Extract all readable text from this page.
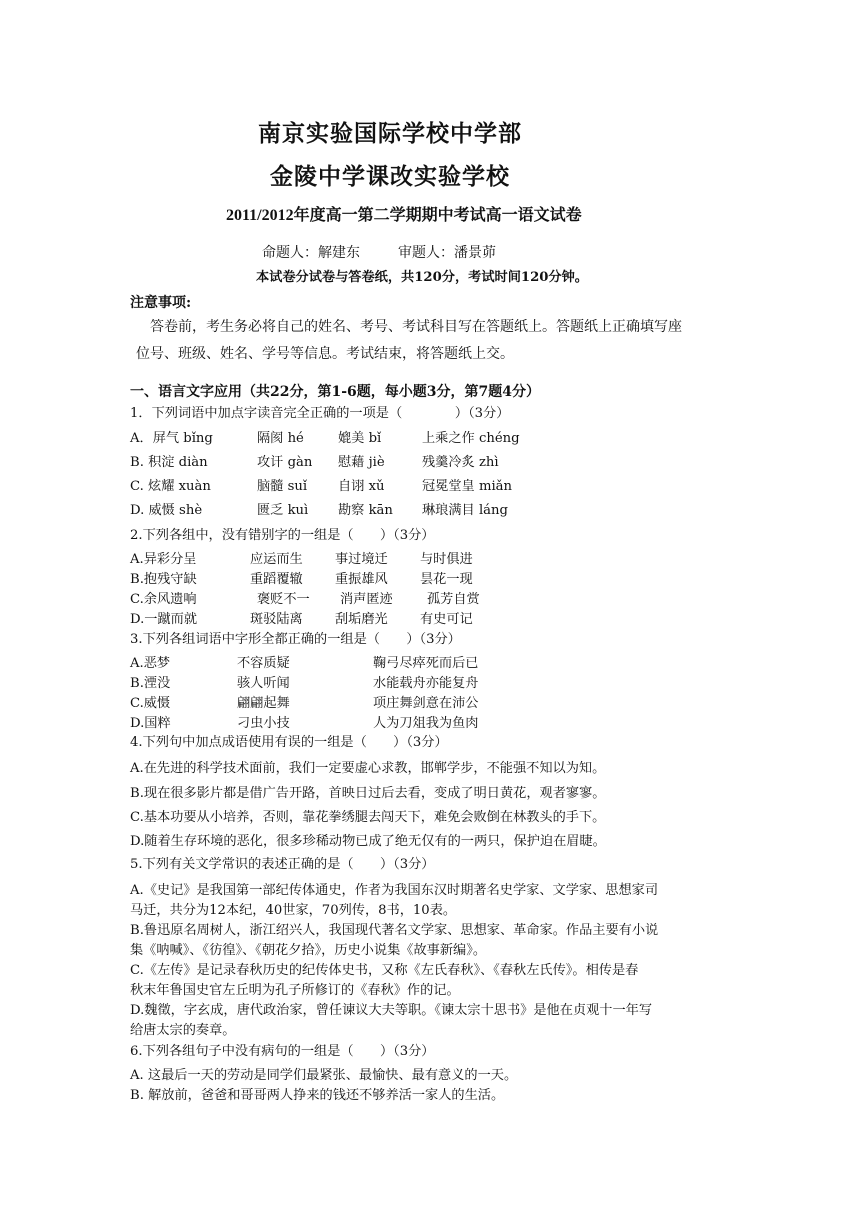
南京实验国际学校中学部
金陵中学课改实验学校
2011/2012年度高一第二学期期中考试高一语文试卷
命题人：解建东	审题人：潘景茆
本试卷分试卷与答卷纸，共120分，考试时间120分钟。
注意事项:
答卷前，考生务必将自己的姓名、考号、考试科目写在答题纸上。答题纸上正确填写座
位号、班级、姓名、学号等信息。考试结束，将答题纸上交。
一、语言文字应用（共22分，第1-6题，每小题3分，第7题4分）
1．下列词语中加点字读音完全正确的一项是（　　　　）（3分）
A．屏气 bǐng	隔阂 hé	媲美 bǐ	上乘之作 chéng
B. 积淀 diàn	攻讦 gàn 慰藉 jiè	残羹冷炙 zhì
C. 炫耀 xuàn	脑髓 suǐ 自诩 xǔ	冠冕堂皇 miǎn
D. 威慑 shè	匮乏 kuì 勘察 kān 琳琅满目 láng
2.下列各组中，没有错别字的一组是（　　）（3分）
A.异彩分呈	应运而生 事过境迁 与时俱进
B.抱残守缺	重蹈覆辙 重振雄风 昙花一现
C.余风遗响	褒贬不一 消声匿迹	孤芳自赏
D.一蹴而就	斑驳陆离 刮垢磨光 有史可记
3.下列各组词语中字形全都正确的一组是（　　）（3分）
A.恶梦	不容质疑	鞠弓尽瘁死而后已
B.湮没	骇人听闻	水能载舟亦能复舟
C.威慑	翩翩起舞	项庄舞剑意在沛公
D.国粹	刁虫小技	人为刀俎我为鱼肉
4.下列句中加点成语使用有误的一组是（　　）（3分）
A.在先进的科学技术面前，我们一定要虚心求教，邯郸学步，不能强不知以为知。
B.现在很多影片都是借广告开路，首映日过后去看，变成了明日黄花，观者寥寥。
C.基本功要从小培养，否则，靠花拳绣腿去闯天下，难免会败倒在林教头的手下。
D.随着生存环境的恶化，很多珍稀动物已成了绝无仅有的一两只，保护迫在眉睫。
5.下列有关文学常识的表述正确的是（　　）（3分）
A.《史记》是我国第一部纪传体通史，作者为我国东汉时期著名史学家、文学家、思想家司
马迁，共分为12本纪，40世家，70列传，8书，10表。
B.鲁迅原名周树人，浙江绍兴人，我国现代著名文学家、思想家、革命家。作品主要有小说
集《呐喊》、《彷徨》、《朝花夕拾》，历史小说集《故事新编》。
C.《左传》是记录春秋历史的纪传体史书，又称《左氏春秋》、《春秋左氏传》。相传是春
秋末年鲁国史官左丘明为孔子所修订的《春秋》作的记。
D.魏徵，字玄成，唐代政治家，曾任谏议大夫等职。《谏太宗十思书》是他在贞观十一年写
给唐太宗的奏章。
6.下列各组句子中没有病句的一组是（　　）（3分）
A. 这最后一天的劳动是同学们最紧张、最愉快、最有意义的一天。
B. 解放前，爸爸和哥哥两人挣来的钱还不够养活一家人的生活。
